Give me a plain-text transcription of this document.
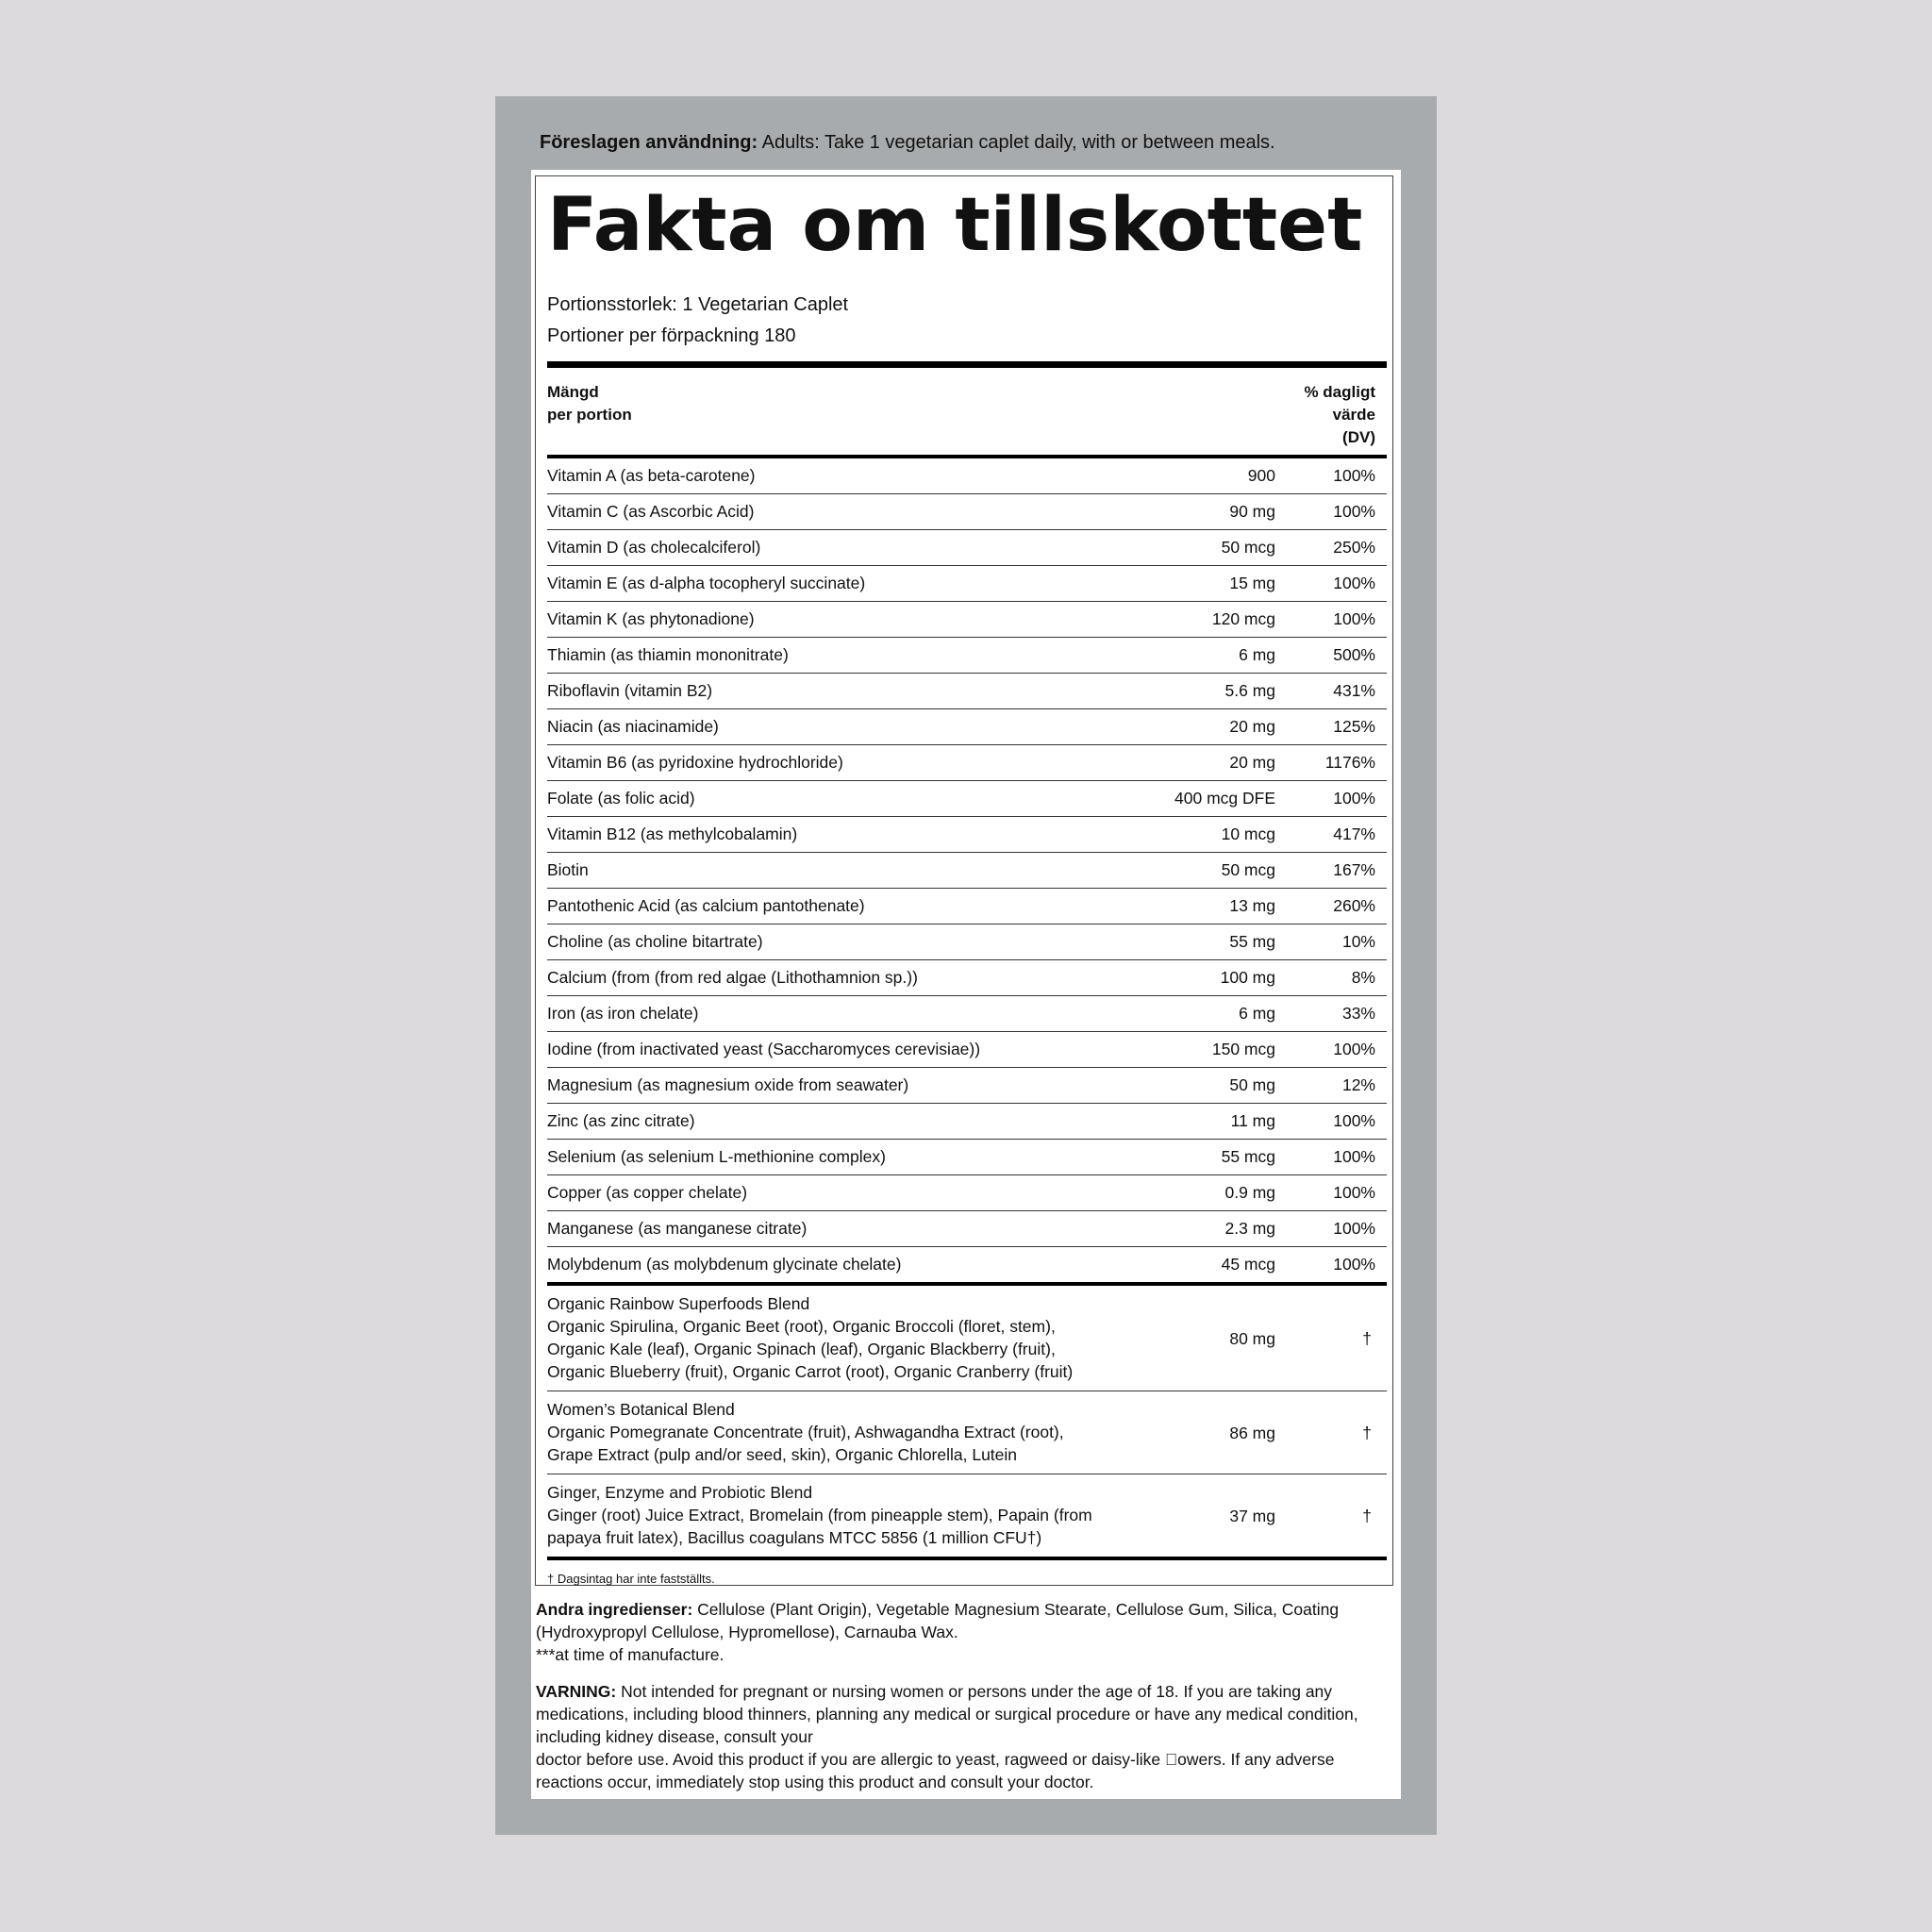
Föreslagen användning: Adults: Take 1 vegetarian caplet daily, with or between meals.
Fakta om tillskottet
Portionsstorlek: 1 Vegetarian Caplet
Portioner per förpackning 180
Mängd
per portion
% dagligt
värde
(DV)
Vitamin A (as beta-carotene)	900	100%
Vitamin C (as Ascorbic Acid)	90 mg	100%
Vitamin D (as cholecalciferol)	50 mcg	250%
Vitamin E (as d-alpha tocopheryl succinate)	15 mg	100%
Vitamin K (as phytonadione)	120 mcg	100%
Thiamin (as thiamin mononitrate)	6 mg	500%
Riboflavin (vitamin B2)	5.6 mg	431%
Niacin (as niacinamide)	20 mg	125%
Vitamin B6 (as pyridoxine hydrochloride)	20 mg	1176%
Folate (as folic acid)	400 mcg DFE	100%
Vitamin B12 (as methylcobalamin)	10 mcg	417%
Biotin	50 mcg	167%
Pantothenic Acid (as calcium pantothenate)	13 mg	260%
Choline (as choline bitartrate)	55 mg	10%
Calcium (from (from red algae (Lithothamnion sp.))	100 mg	8%
Iron (as iron chelate)	6 mg	33%
Iodine (from inactivated yeast (Saccharomyces cerevisiae))	150 mcg	100%
Magnesium (as magnesium oxide from seawater)	50 mg	12%
Zinc (as zinc citrate)	11 mg	100%
Selenium (as selenium L-methionine complex)	55 mcg	100%
Copper (as copper chelate)	0.9 mg	100%
Manganese (as manganese citrate)	2.3 mg	100%
Molybdenum (as molybdenum glycinate chelate)	45 mcg	100%
Organic Rainbow Superfoods Blend
Organic Spirulina, Organic Beet (root), Organic Broccoli (floret, stem), Organic Kale (leaf), Organic Spinach (leaf), Organic Blackberry (fruit), Organic Blueberry (fruit), Organic Carrot (root), Organic Cranberry (fruit)
80 mg	†
Women’s Botanical Blend
Organic Pomegranate Concentrate (fruit), Ashwagandha Extract (root), Grape Extract (pulp and/or seed, skin), Organic Chlorella, Lutein
86 mg	†
Ginger, Enzyme and Probiotic Blend
Ginger (root) Juice Extract, Bromelain (from pineapple stem), Papain (from papaya fruit latex), Bacillus coagulans MTCC 5856 (1 million CFU†)
37 mg	†
† Dagsintag har inte fastställts.
Andra ingredienser: Cellulose (Plant Origin), Vegetable Magnesium Stearate, Cellulose Gum, Silica, Coating (Hydroxypropyl Cellulose, Hypromellose), Carnauba Wax.
***at time of manufacture.
VARNING: Not intended for pregnant or nursing women or persons under the age of 18. If you are taking any medications, including blood thinners, planning any medical or surgical procedure or have any medical condition, including kidney disease, consult your
doctor before use. Avoid this product if you are allergic to yeast, ragweed or daisy-like  owers. If any adverse reactions occur, immediately stop using this product and consult your doctor.
